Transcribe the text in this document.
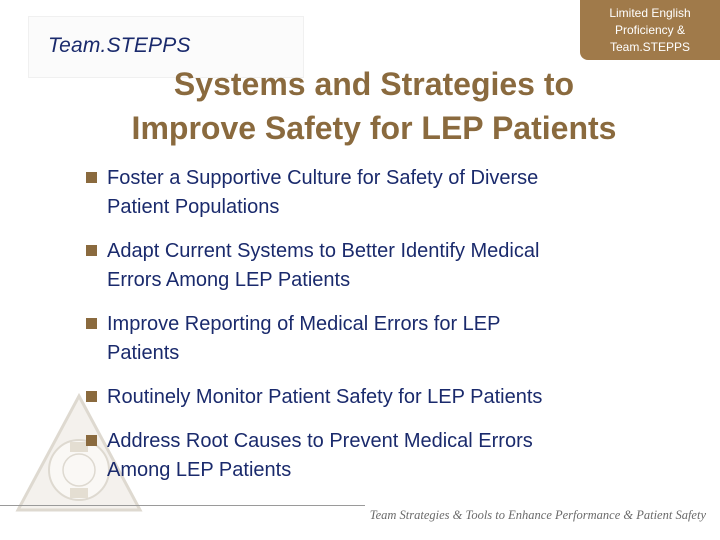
Team.STEPPS
Limited English
Proficiency &
Team.STEPPS
Systems and Strategies to
Improve Safety for LEP Patients
Foster a Supportive Culture for Safety of Diverse
Patient Populations
Adapt Current Systems to Better Identify Medical
Errors Among LEP Patients
Improve Reporting of Medical Errors for LEP
Patients
Routinely Monitor Patient Safety for LEP Patients
Address Root Causes to Prevent Medical Errors
Among LEP Patients
Team Strategies & Tools to Enhance Performance & Patient Safety
